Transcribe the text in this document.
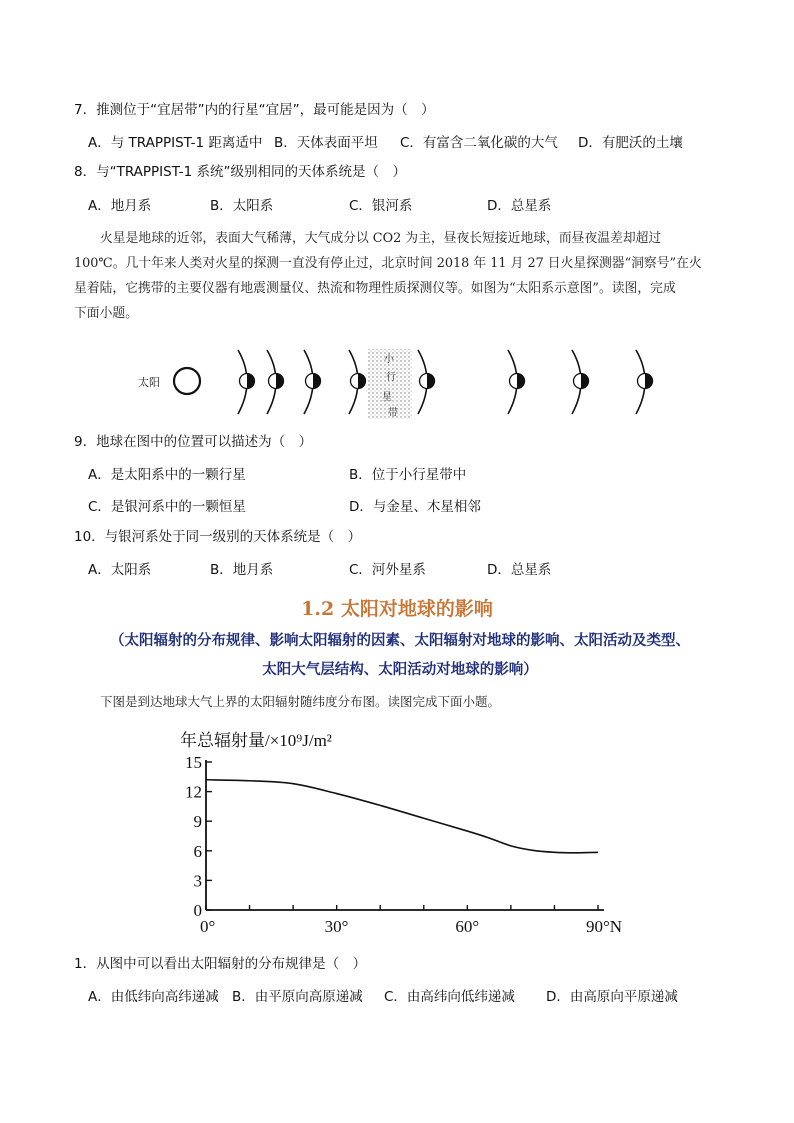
7．推测位于“宜居带”内的行星“宜居”，最可能是因为（　）
A．与 TRAPPIST-1 距离适中 B．天体表面平坦 C．有富含二氧化碳的大气 D．有肥沃的土壤
8．与“TRAPPIST-1 系统”级别相同的天体系统是（　）
A．地月系	B．太阳系	C．银河系	D．总星系
火星是地球的近邻，表面大气稀薄，大气成分以 CO2 为主，昼夜长短接近地球，而昼夜温差却超过
100℃。几十年来人类对火星的探测一直没有停止过，北京时间 2018 年 11 月 27 日火星探测器“洞察号”在火
星着陆，它携带的主要仪器有地震测量仪、热流和物理性质探测仪等。如图为“太阳系示意图”。读图，完成
下面小题。
太阳
小
行
星
带
9．地球在图中的位置可以描述为（　）
A．是太阳系中的一颗行星	B．位于小行星带中
C．是银河系中的一颗恒星	D．与金星、木星相邻
10．与银河系处于同一级别的天体系统是（　）
A．太阳系	B．地月系	C．河外星系	D．总星系
1.2 太阳对地球的影响
（太阳辐射的分布规律、影响太阳辐射的因素、太阳辐射对地球的影响、太阳活动及类型、
太阳大气层结构、太阳活动对地球的影响）
下图是到达地球大气上界的太阳辐射随纬度分布图。读图完成下面小题。
年总辐射量/×10⁹J/m²
0
3
6
9
12
15
0°	30°	60°	90°N
1．从图中可以看出太阳辐射的分布规律是（　）
A．由低纬向高纬递减 B．由平原向高原递减 C．由高纬向低纬递减 D．由高原向平原递减
